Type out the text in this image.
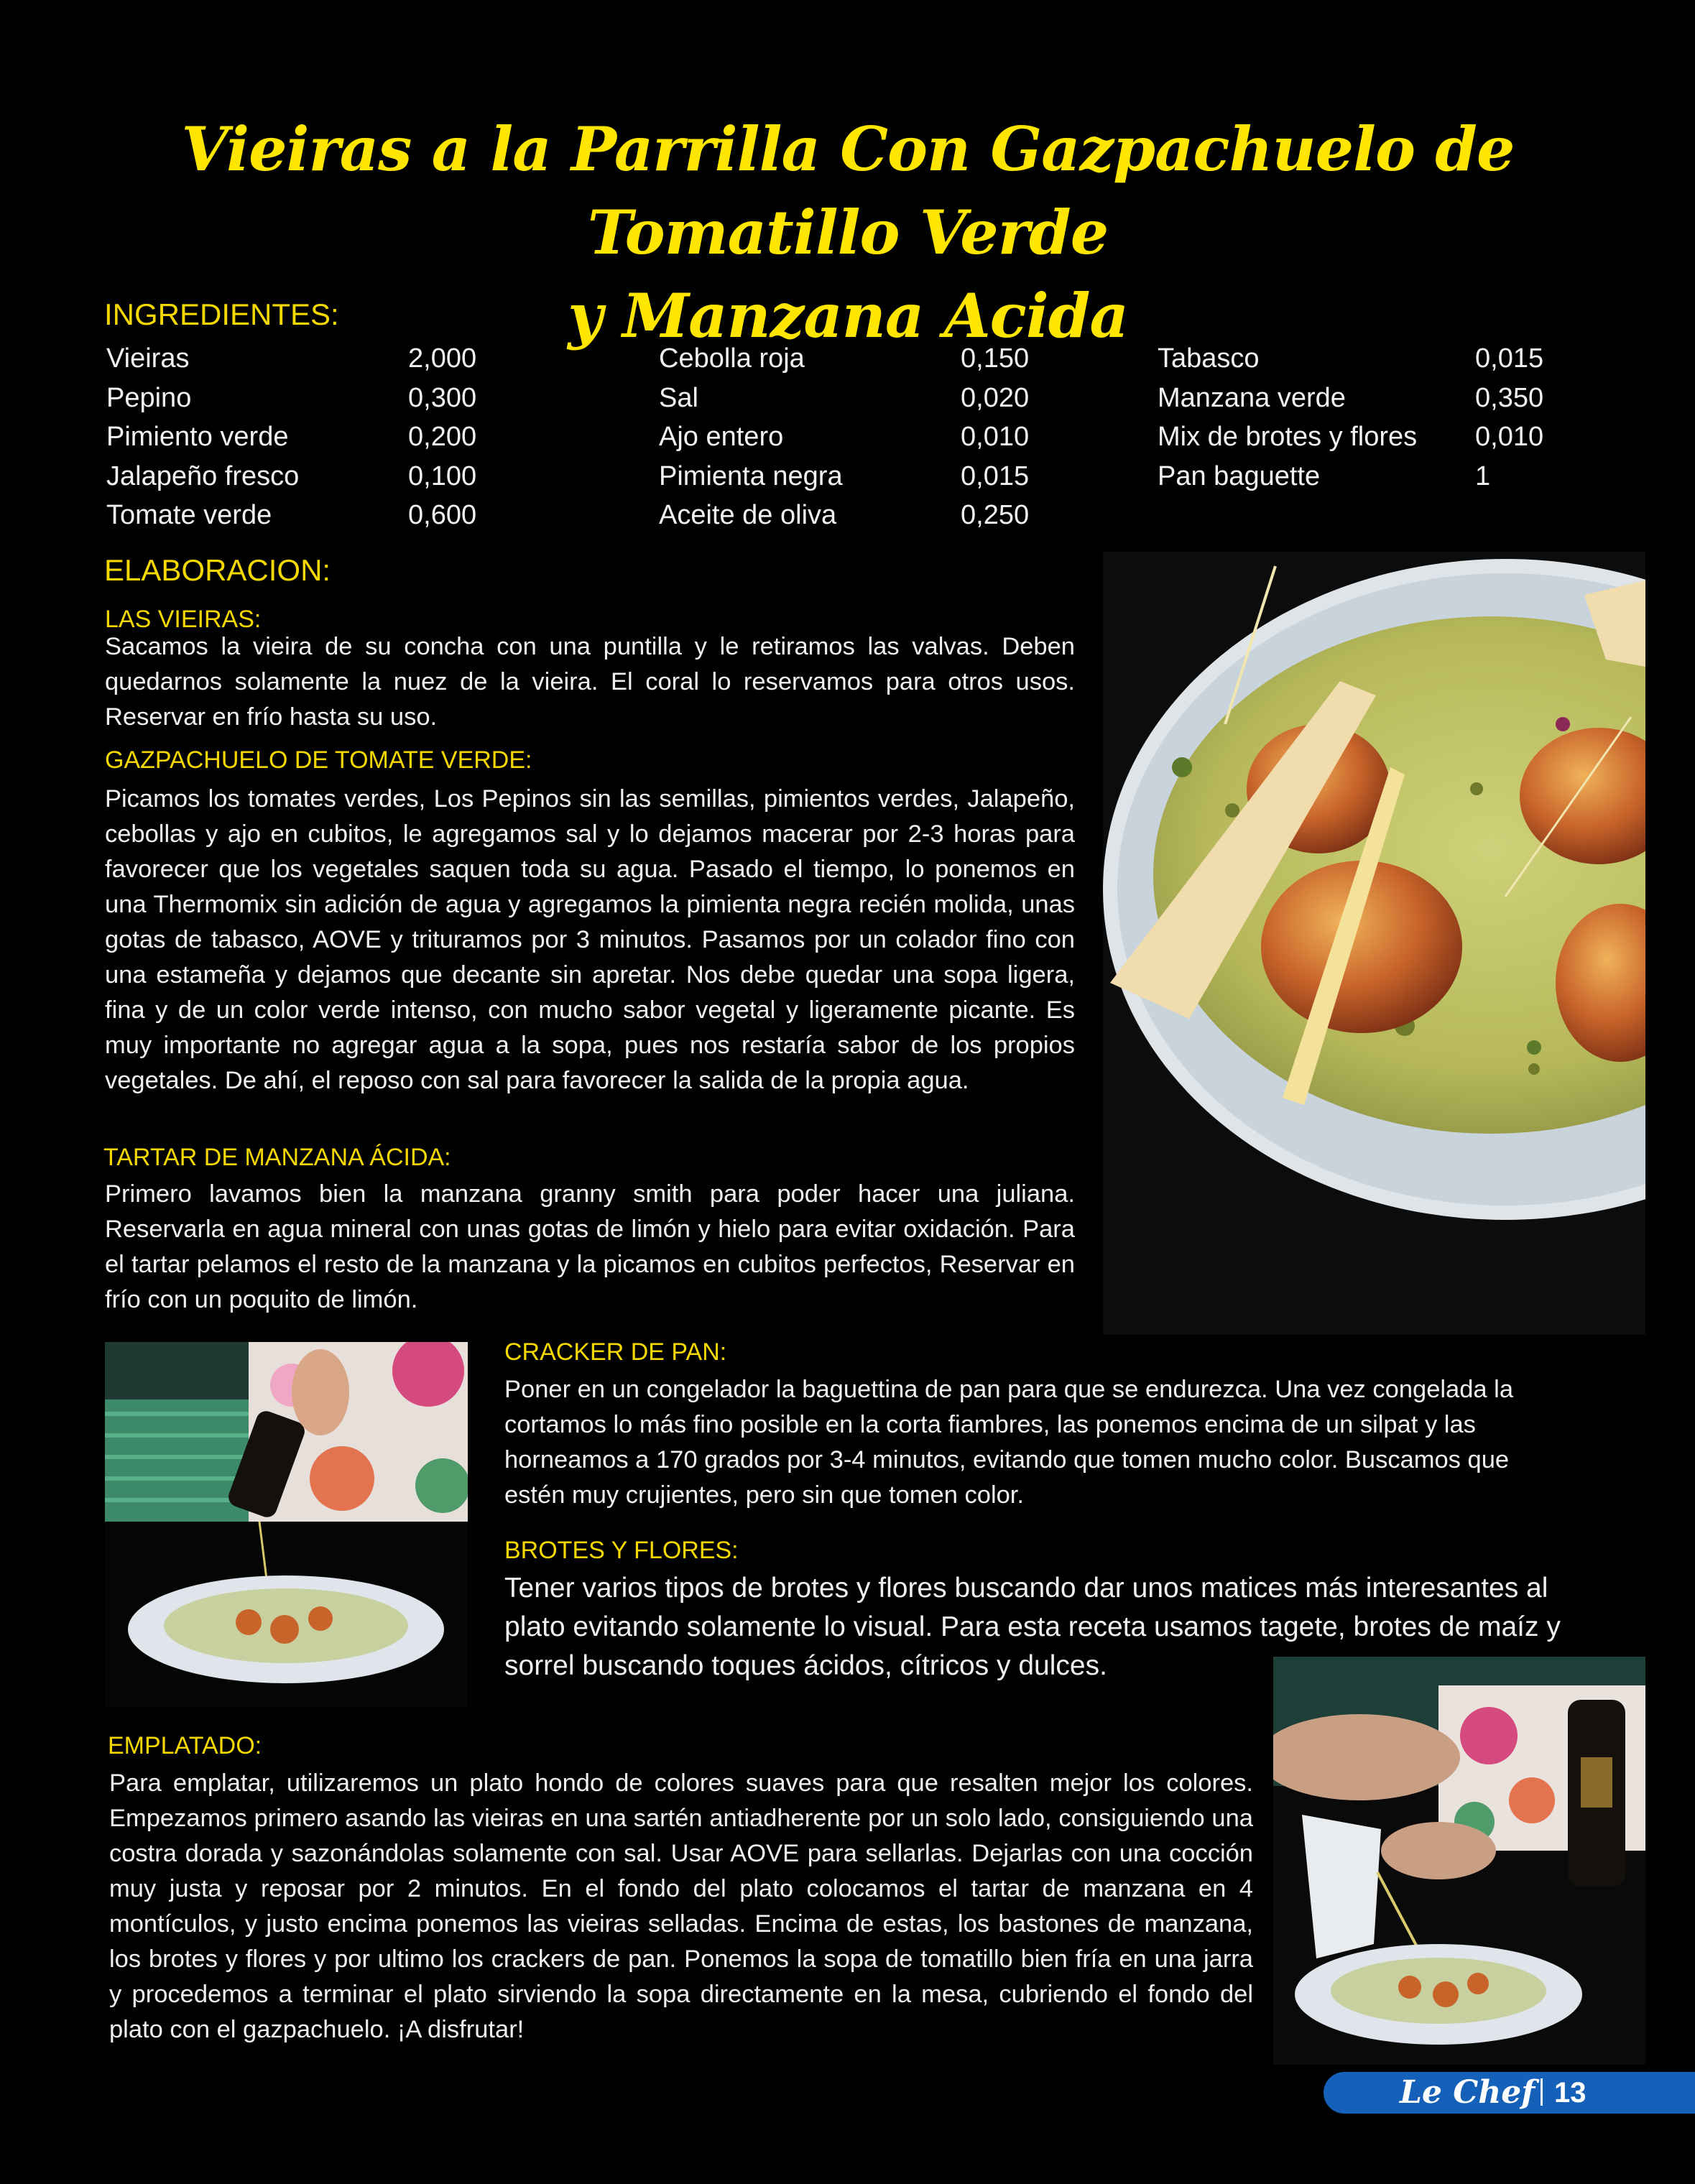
Vieiras a la Parrilla Con Gazpachuelo de Tomatillo Verde
y Manzana Acida
INGREDIENTES:
Vieiras	2,000
Pepino	0,300
Pimiento verde	0,200
Jalapeño fresco	0,100
Tomate verde	0,600
Cebolla roja	0,150
Sal	0,020
Ajo entero	0,010
Pimienta negra	0,015
Aceite de oliva	0,250
Tabasco	0,015
Manzana verde	0,350
Mix de brotes y flores	0,010
Pan baguette	1
ELABORACION:
LAS VIEIRAS:
Sacamos la vieira de su concha con una puntilla y le retiramos las valvas. Deben quedarnos solamente la nuez de la vieira. El coral lo reservamos para otros usos. Reservar en frío hasta su uso.
GAZPACHUELO DE TOMATE VERDE:
Picamos los tomates verdes, Los Pepinos sin las semillas, pimientos verdes, Jalapeño, cebollas y ajo en cubitos, le agregamos sal y lo dejamos macerar por 2-3 horas para favorecer que los vegetales saquen toda su agua. Pasado el tiempo, lo ponemos en una Thermomix sin adición de agua y agregamos la pimienta negra recién molida, unas gotas de tabasco, AOVE y trituramos por 3 minutos. Pasamos por un colador fino con una estameña y dejamos que decante sin apretar. Nos debe quedar una sopa ligera, fina y de un color verde intenso, con mucho sabor vegetal y ligeramente picante. Es muy importante no agregar agua a la sopa, pues nos restaría sabor de los propios vegetales. De ahí, el reposo con sal para favorecer la salida de la propia agua.
TARTAR DE MANZANA ÁCIDA:
Primero lavamos bien la manzana granny smith para poder hacer una juliana. Reservarla en agua mineral con unas gotas de limón y hielo para evitar oxidación. Para el tartar pelamos el resto de la manzana y la picamos en cubitos perfectos, Reservar en frío con un poquito de limón.
CRACKER DE PAN:
Poner en un congelador la baguettina de pan para que se endurezca. Una vez congelada la cortamos lo más fino posible en la corta fiambres, las ponemos encima de un silpat y las horneamos a 170 grados por 3-4 minutos, evitando que tomen mucho color. Buscamos que estén muy crujientes, pero sin que tomen color.
BROTES Y FLORES:
Tener varios tipos de brotes y flores buscando dar unos matices más interesantes al plato evitando solamente lo visual. Para esta receta usamos tagete, brotes de maíz y sorrel buscando toques ácidos, cítricos y dulces.
EMPLATADO:
Para emplatar, utilizaremos un plato hondo de colores suaves para que resalten mejor los colores. Empezamos primero asando las vieiras en una sartén antiadherente por un solo lado, consiguiendo una costra dorada y sazonándolas solamente con sal. Usar AOVE para sellarlas. Dejarlas con una cocción muy justa y reposar por 2 minutos. En el fondo del plato colocamos el tartar de manzana en 4 montículos, y justo encima ponemos las vieiras selladas. Encima de estas, los bastones de manzana, los brotes y flores y por ultimo los crackers de pan. Ponemos la sopa de tomatillo bien fría en una jarra y procedemos a terminar el plato sirviendo la sopa directamente en la mesa, cubriendo el fondo del plato con el gazpachuelo. ¡A disfrutar!
Le Chef 13
